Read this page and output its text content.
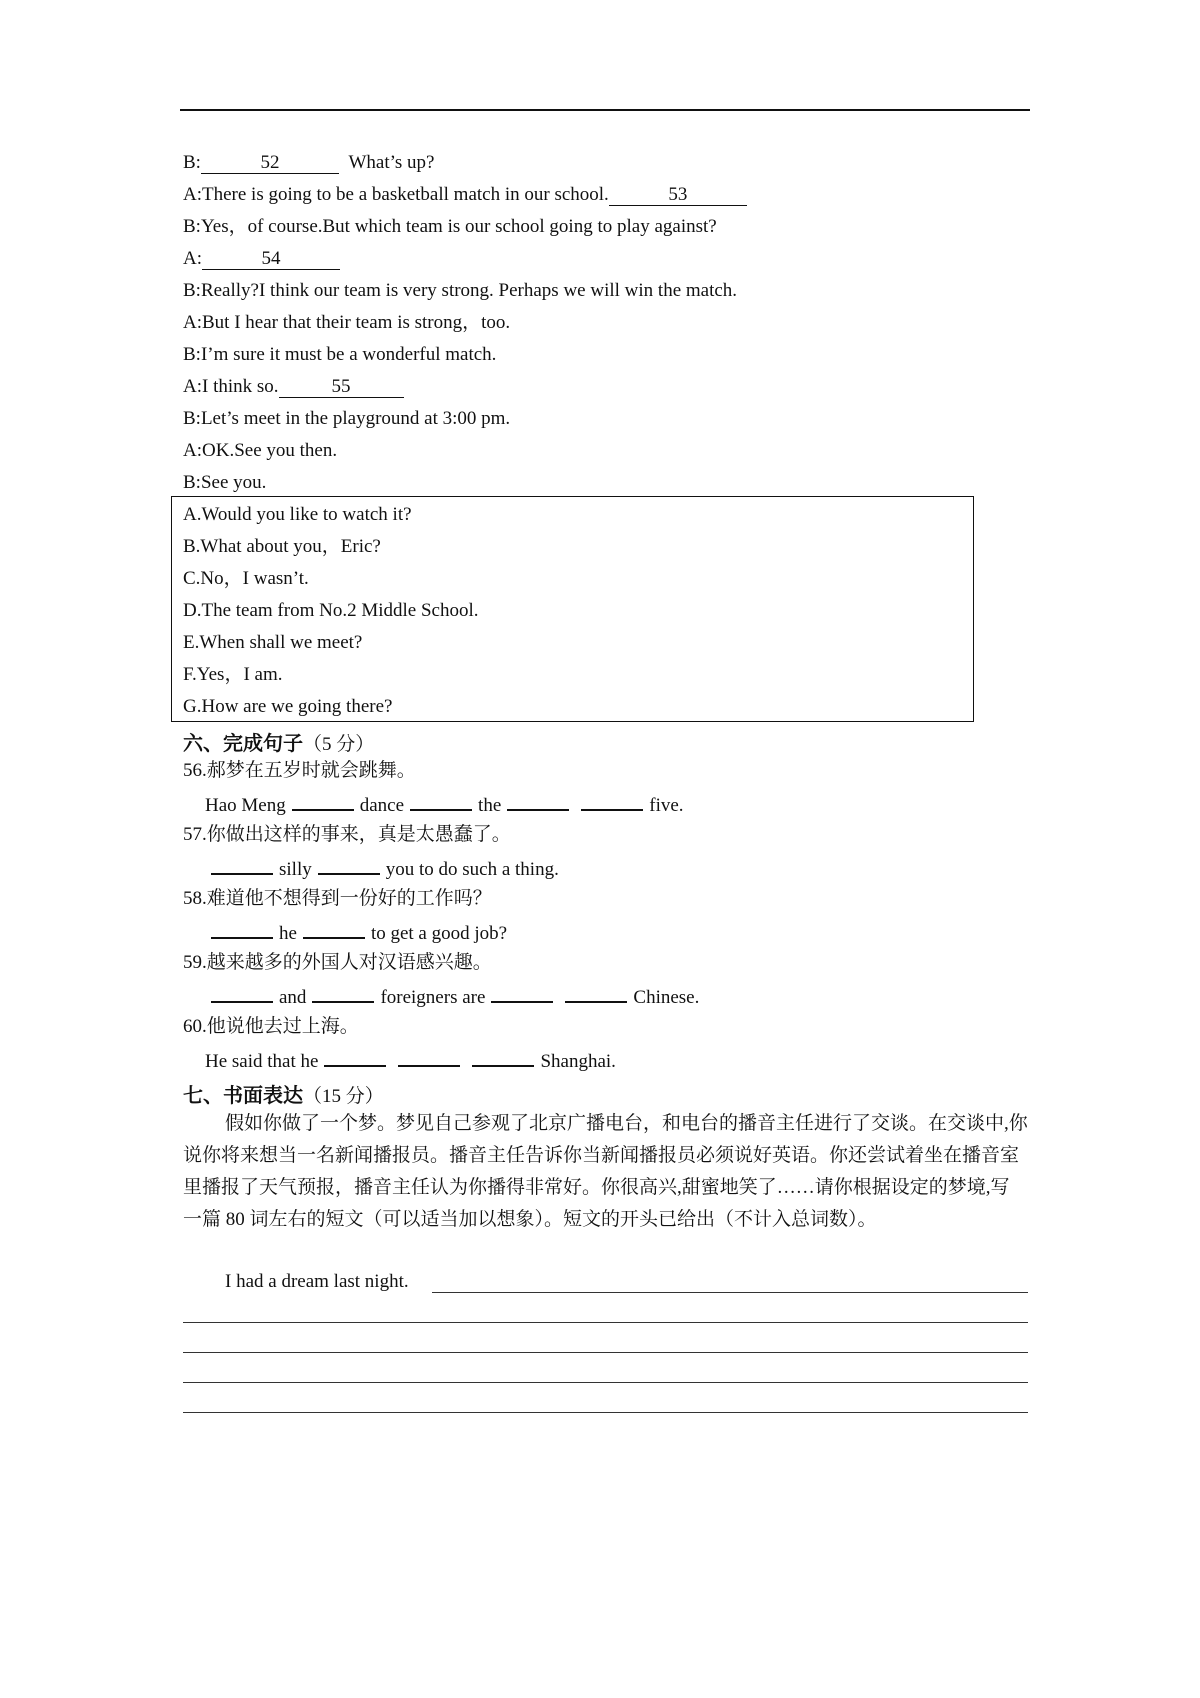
B:	52	What’s up?
A:There is going to be a basketball match in our school.	53
B:Yes，of course.But which team is our school going to play against?
A:	54
B:Really?I think our team is very strong. Perhaps we will win the match.
A:But I hear that their team is strong，too.
B:I’m sure it must be a wonderful match.
A:I think so.	55
B:Let’s meet in the playground at 3:00 pm.
A:OK.See you then.
B:See you.
A.Would you like to watch it?
B.What about you，Eric?
C.No，I wasn’t.
D.The team from No.2 Middle School.
E.When shall we meet?
F.Yes，I am.
G.How are we going there?
六、完成句子（5 分）
56.郝梦在五岁时就会跳舞。
Hao Meng	dance	the	five.
57.你做出这样的事来，真是太愚蠢了。
silly	you to do such a thing.
58.难道他不想得到一份好的工作吗？
he	to get a good job?
59.越来越多的外国人对汉语感兴趣。
and	foreigners are	Chinese.
60.他说他去过上海。
He said that he	Shanghai.
七、书面表达（15 分）

假如你做了一个梦。梦见自己参观了北京广播电台，和电台的播音主任进行了交谈。在交谈中,你说你将来想当一名新闻播报员。播音主任告诉你当新闻播报员必须说好英语。你还尝试着坐在播音室里播报了天气预报，播音主任认为你播得非常好。你很高兴,甜蜜地笑了……请你根据设定的梦境,写一篇 80 词左右的短文（可以适当加以想象）。短文的开头已给出（不计入总词数）。

I had a dream last night.
